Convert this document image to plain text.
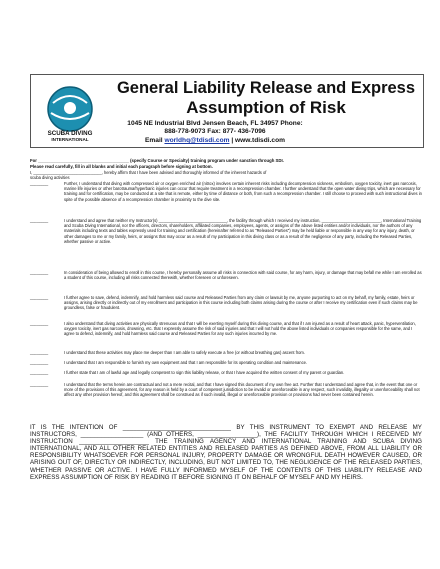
SCUBA DIVING
INTERNATIONAL
General Liability Release and Express
Assumption of Risk
1045 NE Industrial Blvd Jensen Beach, FL 34957 Phone:
888-778-9073 Fax: 877- 436-7096
Email worldhq@tdisdi.com | www.tdisdi.com
For ______________________________________ (specify Course or Specialty) training program under sanction through SDI.
Please read carefully, fill in all blanks and initial each paragraph before signing at bottom.
I, ______________________________, hereby affirm that I have been advised and thoroughly informed of the inherent hazards of
scuba diving activities
________	Further, I understand that diving with compressed air or oxygen enriched air (nitrox) involves certain inherent risks including decompression sickness, embolism, oxygen toxicity, inert gas narcosis, marine life injuries or other barotrauma/hyperbaric injuries can occur that require treatment in a recompression chamber. I further understand that the open water diving trips, which are necessary for training and for certification, may be conducted at a site that is remote, either by time of distance or both, from such a recompression chamber. I still choose to proceed with such instructional dives in spite of the possible absence of a recompression chamber in proximity to the dive site.
________	I understand and agree that neither my Instructor(s) ______________________________, the facility through which I received my instruction, __________________________, International Training and Scuba Diving International, nor the officers, directors, shareholders, affiliated companies, employees, agents, or assigns of the above listed entities and/or individuals, nor the authors of any materials including texts and tables expressly used for training and certification (hereinafter referred to as "Released Parties") may be held liable or responsible in any way for any injury, death, or other damages to me or my family, heirs, or assigns that may occur as a result of my participation in this diving class or as a result of the negligence of any party, including the Released Parties, whether passive or active.
________	In consideration of being allowed to enroll in this course, I hereby personally assume all risks in connection with said course, for any harm, injury, or damage that may befall me while I am enrolled as a student of this course, including all risks connected therewith, whether foreseen or unforeseen.
________	I further agree to save, defend, indemnify, and hold harmless said course and Released Parties from any claim or lawsuit by me, anyone purporting to act on my behalf, my family, estate, heirs or assigns, arising directly or indirectly out of my enrollment and participation in this course including both claims arising during the course or after I receive my certification even if such claims may be groundless, false or fraudulent.
________	I also understand that diving activities are physically strenuous and that I will be exerting myself during this diving course, and that if I am injured as a result of heart attack, panic, hyperventilation, oxygen toxicity, inert gas narcosis, drowning, etc. that I expressly assume the risk of said injuries and that I will not hold the above listed individuals or companies responsible for the same, and I agree to defend, indemnify, and hold harmless said course and Released Parties for any such injuries incurred by me.
________	I understand that these activities may place me deeper than I am able to safely execute a free (or without breathing gas) ascent from.
________	I understand that I am responsible to furnish my own equipment and that I am responsible for its operating condition and maintenance.
________	I further state that I am of lawful age and legally competent to sign this liability release, or that I have acquired the written consent of my parent or guardian.
________	I understand that the terms herein are contractual and not a mere recital, and that I have signed this document of my own free act. Further that I understand and agree that, in the event that one or more of the provisions of this agreement, for any reason is held by a court of competent jurisdiction to be invalid or unenforceable in any respect, such invalidity, illegality or unenforceability shall not affect any other provision hereof, and this agreement shall be construed as if such invalid, illegal or unenforceable provision or provisions had never been contained herein.
IT IS THE INTENTION OF _______________________________ BY THIS INSTRUMENT TO EXEMPT AND RELEASE MY INSTRUCTORS, __________________ (AND OTHERS, _________________), THE FACILITY THROUGH WHICH I RECEIVED MY INSTRUCTION ____________________ THE TRAINING AGENCY AND INTERNATIONAL TRAINING AND SCUBA DIVING INTERNATIONAL, AND ALL OTHER RELATED ENTITIES AND RELEASED PARTIES AS DEFINED ABOVE, FROM ALL LIABILITY OR RESPONSIBILITY WHATSOEVER FOR PERSONAL INJURY, PROPERTY DAMAGE OR WRONGFUL DEATH HOWEVER CAUSED, OR ARISING OUT OF, DIRECTLY OR INDIRECTLY, INCLUDING, BUT NOT LIMITED TO, THE NEGLIGENCE OF THE RELEASED PARTIES, WHETHER PASSIVE OR ACTIVE. I HAVE FULLY INFORMED MYSELF OF THE CONTENTS OF THIS LIABILITY RELEASE AND EXPRESS ASSUMPTION OF RISK BY READING IT BEFORE SIGNING IT ON BEHALF OF MYSELF AND MY HEIRS.
